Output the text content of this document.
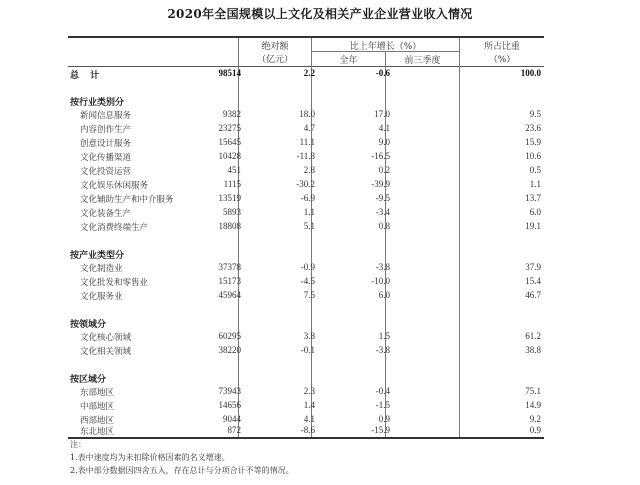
2020年全国规模以上文化及相关产业企业营业收入情况
绝对额
（亿元）
比上年增长（%）
全年	前三季度
所占比重
（%）
总 计	98514	2.2	-0.6	100.0
按行业类别分
新闻信息服务	9382	18.0	17.0	9.5
内容创作生产	23275	4.7	4.1	23.6
创意设计服务	15645	11.1	9.0	15.9
文化传播渠道	10428	-11.8	-16.5	10.6
文化投资运营	451	2.8	0.2	0.5
文化娱乐休闲服务	1115	-30.2	-39.9	1.1
文化辅助生产和中介服务	13519	-6.9	-9.5	13.7
文化装备生产	5893	1.1	-3.4	6.0
文化消费终端生产	18808	5.1	0.8	19.1
按产业类型分
文化制造业	37378	-0.9	-3.8	37.9
文化批发和零售业	15173	-4.5	-10.0	15.4
文化服务业	45964	7.5	6.0	46.7
按领域分
文化核心领域	60295	3.8	1.5	61.2
文化相关领域	38220	-0.1	-3.8	38.8
按区域分
东部地区	73943	2.3	-0.4	75.1
中部地区	14656	1.4	-1.5	14.9
西部地区	9044	4.1	0.9	9.2
东北地区	872	-8.6	-15.9	0.9
注：
1.表中速度均为未扣除价格因素的名义增速。
2.表中部分数据因四舍五入，存在总计与分项合计不等的情况。
